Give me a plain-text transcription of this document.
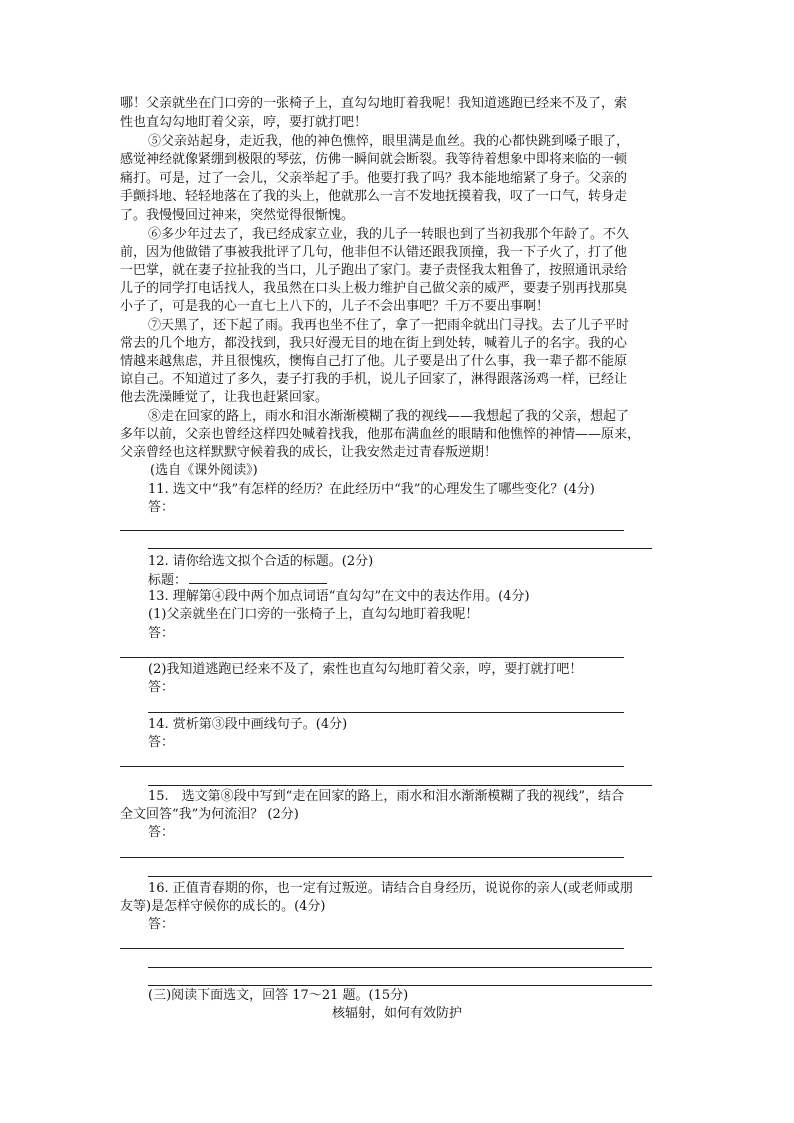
哪！父亲就坐在门口旁的一张椅子上，直勾勾地盯着我呢！我知道逃跑已经来不及了，索
性也直勾勾地盯着父亲，哼，要打就打吧！
⑤父亲站起身，走近我，他的神色憔悴，眼里满是血丝。我的心都快跳到嗓子眼了，
感觉神经就像紧绷到极限的琴弦，仿佛一瞬间就会断裂。我等待着想象中即将来临的一顿
痛打。可是，过了一会儿，父亲举起了手。他要打我了吗？我本能地缩紧了身子。父亲的
手颤抖地、轻轻地落在了我的头上，他就那么一言不发地抚摸着我，叹了一口气，转身走
了。我慢慢回过神来，突然觉得很惭愧。
⑥多少年过去了，我已经成家立业，我的儿子一转眼也到了当初我那个年龄了。不久
前，因为他做错了事被我批评了几句，他非但不认错还跟我顶撞，我一下子火了，打了他
一巴掌，就在妻子拉扯我的当口，儿子跑出了家门。妻子责怪我太粗鲁了，按照通讯录给
儿子的同学打电话找人，我虽然在口头上极力维护自己做父亲的威严，要妻子别再找那臭
小子了，可是我的心一直七上八下的，儿子不会出事吧？千万不要出事啊！
⑦天黑了，还下起了雨。我再也坐不住了，拿了一把雨伞就出门寻找。去了儿子平时
常去的几个地方，都没找到，我只好漫无目的地在街上到处转，喊着儿子的名字。我的心
情越来越焦虑，并且很愧疚，懊悔自己打了他。儿子要是出了什么事，我一辈子都不能原
谅自己。不知道过了多久，妻子打我的手机，说儿子回家了，淋得跟落汤鸡一样，已经让
他去洗澡睡觉了，让我也赶紧回家。
⑧走在回家的路上，雨水和泪水渐渐模糊了我的视线——我想起了我的父亲，想起了
多年以前，父亲也曾经这样四处喊着找我，他那布满血丝的眼睛和他憔悴的神情——原来，
父亲曾经也这样默默守候着我的成长，让我安然走过青春叛逆期！
(选自《课外阅读》)
11. 选文中“我”有怎样的经历？在此经历中“我”的心理发生了哪些变化？(4分)
答：
12. 请你给选文拟个合适的标题。(2分)
标题：
13. 理解第④段中两个加点词语“直勾勾”在文中的表达作用。(4分)
(1)父亲就坐在门口旁的一张椅子上，直勾勾地盯着我呢！
答：
(2)我知道逃跑已经来不及了，索性也直勾勾地盯着父亲，哼，要打就打吧！
答：
14. 赏析第③段中画线句子。(4分)
答：
15.　选文第⑧段中写到“走在回家的路上，雨水和泪水渐渐模糊了我的视线”，结合
全文回答“我”为何流泪？ (2分)
答：
16. 正值青春期的你，也一定有过叛逆。请结合自身经历，说说你的亲人(或老师或朋
友等)是怎样守候你的成长的。(4分)
答：
(三)阅读下面选文，回答 17～21 题。(15分)
核辐射，如何有效防护
